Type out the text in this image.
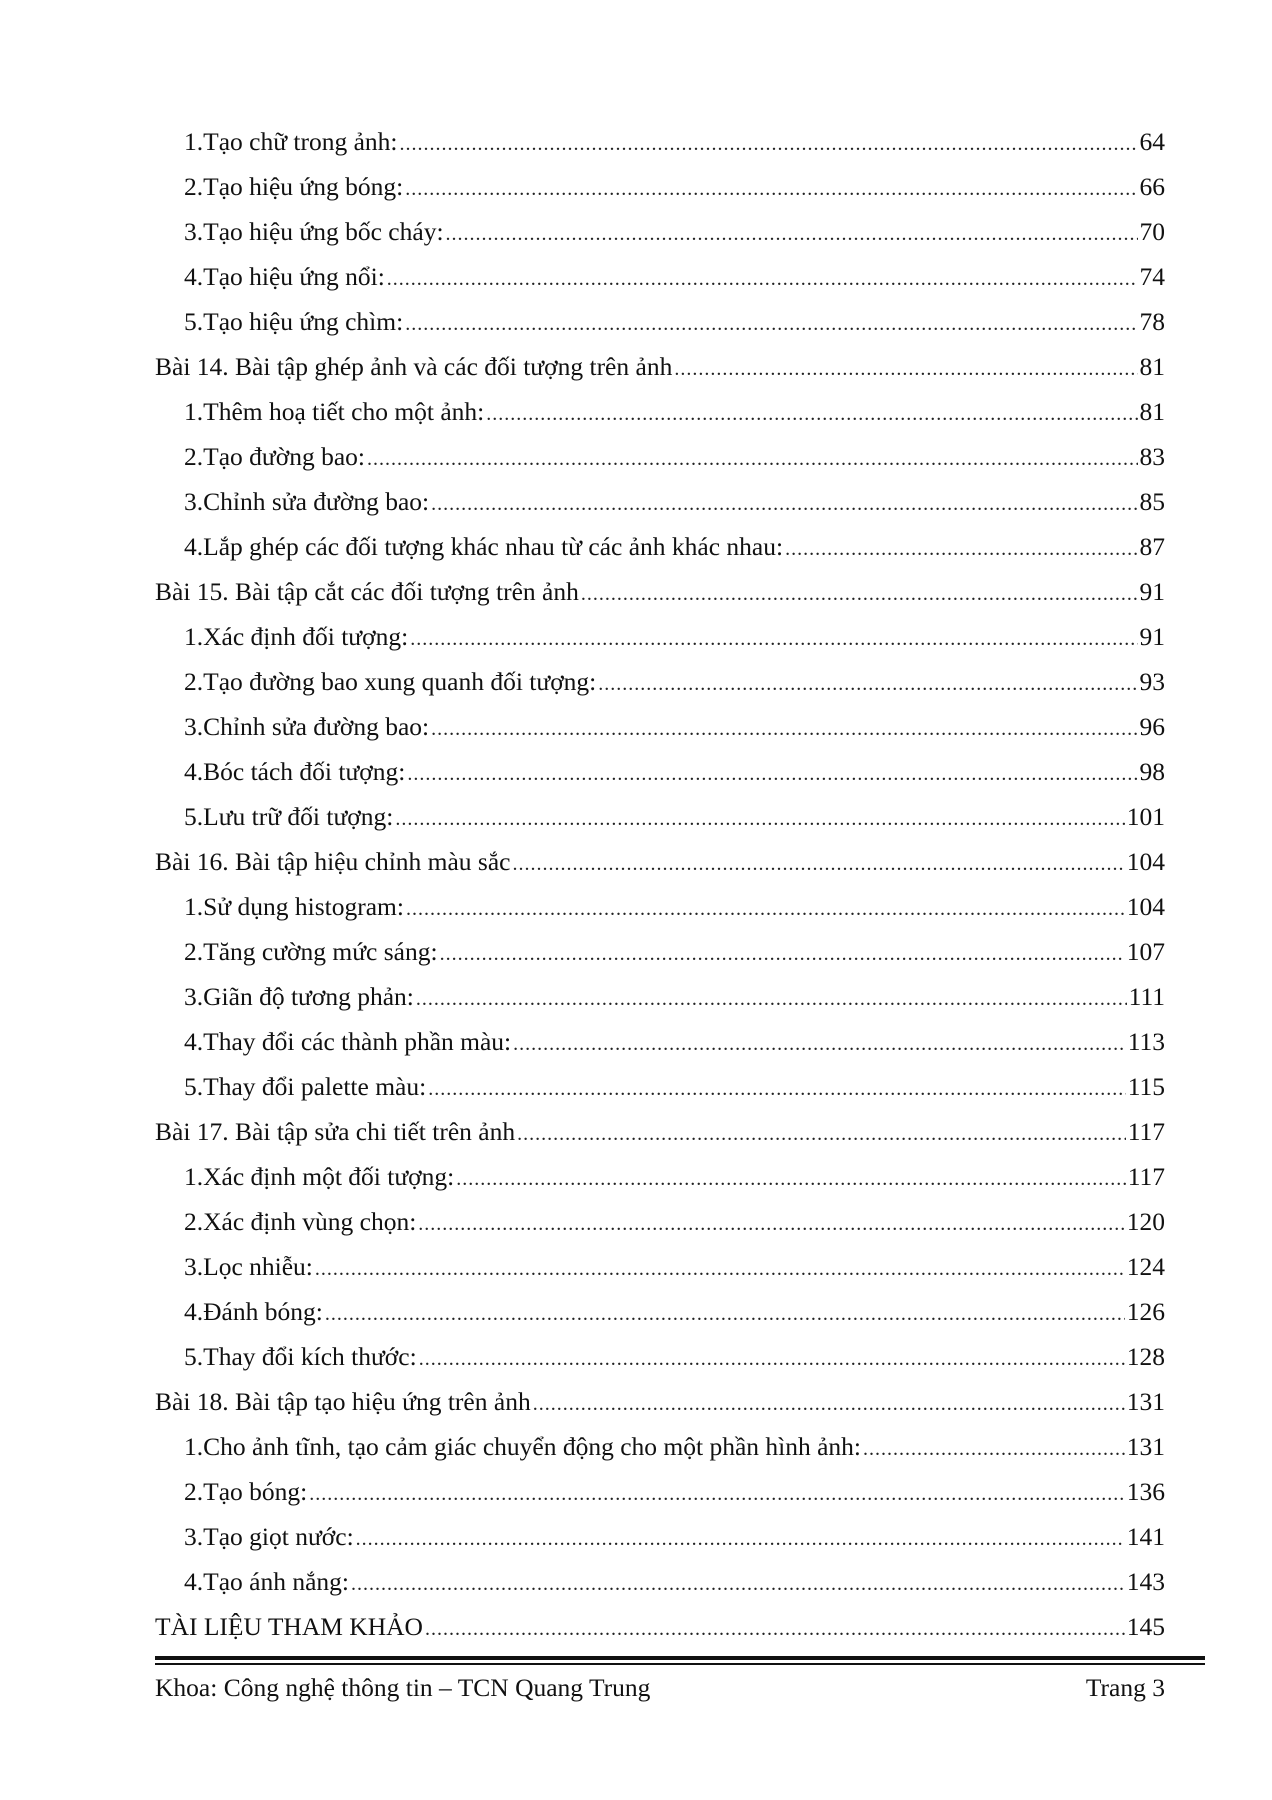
1. Tạo chữ trong ảnh: .....	64
2. Tạo hiệu ứng bóng: .....	66
3. Tạo hiệu ứng bốc cháy: .....	70
4. Tạo hiệu ứng nổi: .....	74
5. Tạo hiệu ứng chìm: .....	78
Bài 14. Bài tập ghép ảnh và các đối tượng trên ảnh .....	81
1. Thêm hoạ tiết cho một ảnh: .....	81
2. Tạo đường bao: .....	83
3. Chỉnh sửa đường bao: .....	85
4. Lắp ghép các đối tượng khác nhau từ các ảnh khác nhau: .....	87
Bài 15. Bài tập cắt các đối tượng trên ảnh .....	91
1. Xác định đối tượng: .....	91
2. Tạo đường bao xung quanh đối tượng: .....	93
3. Chỉnh sửa đường bao: .....	96
4. Bóc tách đối tượng: .....	98
5. Lưu trữ đối tượng: .....	101
Bài 16. Bài tập hiệu chỉnh màu sắc .....	104
1. Sử dụng histogram: .....	104
2. Tăng cường mức sáng: .....	107
3. Giãn độ tương phản: .....	111
4. Thay đổi các thành phần màu: .....	113
5. Thay đổi palette màu: .....	115
Bài 17. Bài tập sửa chi tiết trên ảnh .....	117
1. Xác định một đối tượng: .....	117
2. Xác định vùng chọn: .....	120
3. Lọc nhiễu: .....	124
4. Đánh bóng: .....	126
5. Thay đổi kích thước: .....	128
Bài 18. Bài tập tạo hiệu ứng trên ảnh .....	131
1. Cho ảnh tĩnh, tạo cảm giác chuyển động cho một phần hình ảnh: .....	131
2. Tạo bóng: .....	136
3. Tạo giọt nước: .....	141
4. Tạo ánh nắng: .....	143
TÀI LIỆU THAM KHẢO .....	145
Khoa: Công nghệ thông tin – TCN Quang Trung	Trang 3
